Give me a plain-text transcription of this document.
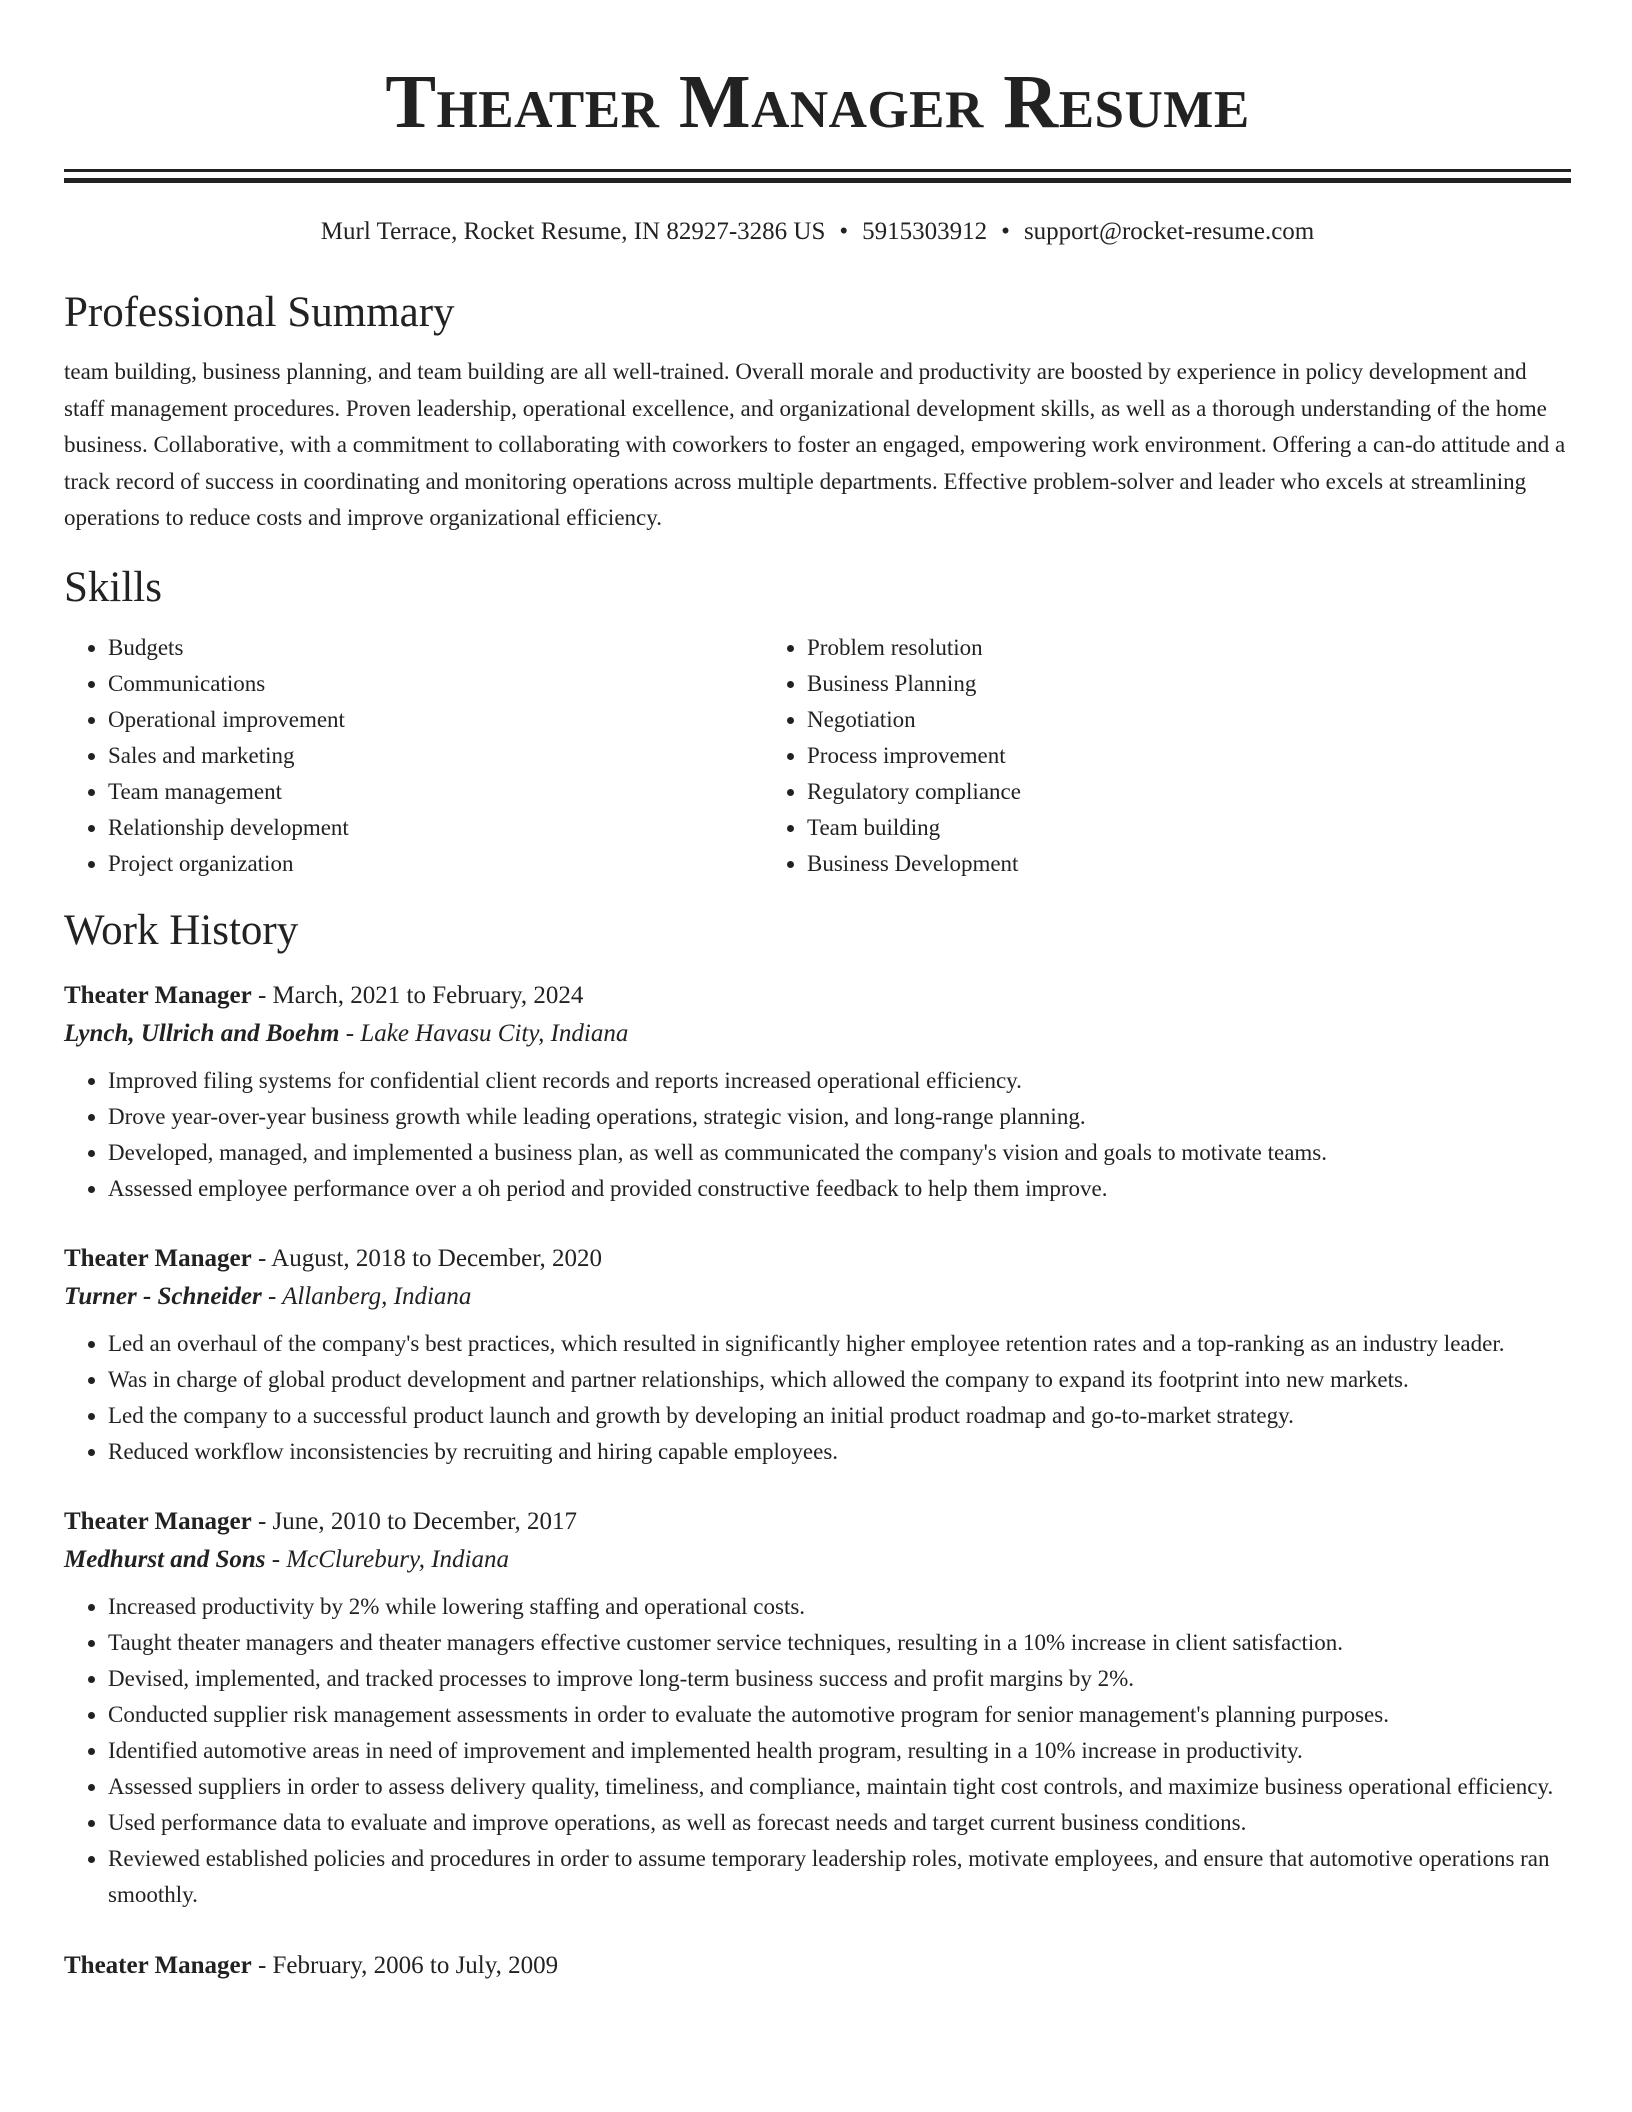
Theater Manager Resume
Murl Terrace, Rocket Resume, IN 82927-3286 US • 5915303912 • support@rocket-resume.com
Professional Summary

team building, business planning, and team building are all well-trained. Overall morale and productivity are boosted by experience in policy development and staff management procedures. Proven leadership, operational excellence, and organizational development skills, as well as a thorough understanding of the home business. Collaborative, with a commitment to collaborating with coworkers to foster an engaged, empowering work environment. Offering a can-do attitude and a track record of success in coordinating and monitoring operations across multiple departments. Effective problem-solver and leader who excels at streamlining operations to reduce costs and improve organizational efficiency.

Skills
• Budgets
• Communications
• Operational improvement
• Sales and marketing
• Team management
• Relationship development
• Project organization
• Problem resolution
• Business Planning
• Negotiation
• Process improvement
• Regulatory compliance
• Team building
• Business Development
Work History
Theater Manager - March, 2021 to February, 2024
Lynch, Ullrich and Boehm - Lake Havasu City, Indiana
• Improved filing systems for confidential client records and reports increased operational efficiency.
• Drove year-over-year business growth while leading operations, strategic vision, and long-range planning.
• Developed, managed, and implemented a business plan, as well as communicated the company's vision and goals to motivate teams.
• Assessed employee performance over a oh period and provided constructive feedback to help them improve.
Theater Manager - August, 2018 to December, 2020
Turner - Schneider - Allanberg, Indiana
• Led an overhaul of the company's best practices, which resulted in significantly higher employee retention rates and a top-ranking as an industry leader.
• Was in charge of global product development and partner relationships, which allowed the company to expand its footprint into new markets.
• Led the company to a successful product launch and growth by developing an initial product roadmap and go-to-market strategy.
• Reduced workflow inconsistencies by recruiting and hiring capable employees.
Theater Manager - June, 2010 to December, 2017
Medhurst and Sons - McClurebury, Indiana
• Increased productivity by 2% while lowering staffing and operational costs.
• Taught theater managers and theater managers effective customer service techniques, resulting in a 10% increase in client satisfaction.
• Devised, implemented, and tracked processes to improve long-term business success and profit margins by 2%.
• Conducted supplier risk management assessments in order to evaluate the automotive program for senior management's planning purposes.
• Identified automotive areas in need of improvement and implemented health program, resulting in a 10% increase in productivity.
• Assessed suppliers in order to assess delivery quality, timeliness, and compliance, maintain tight cost controls, and maximize business operational efficiency.
• Used performance data to evaluate and improve operations, as well as forecast needs and target current business conditions.
• Reviewed established policies and procedures in order to assume temporary leadership roles, motivate employees, and ensure that automotive operations ran smoothly.
Theater Manager - February, 2006 to July, 2009
